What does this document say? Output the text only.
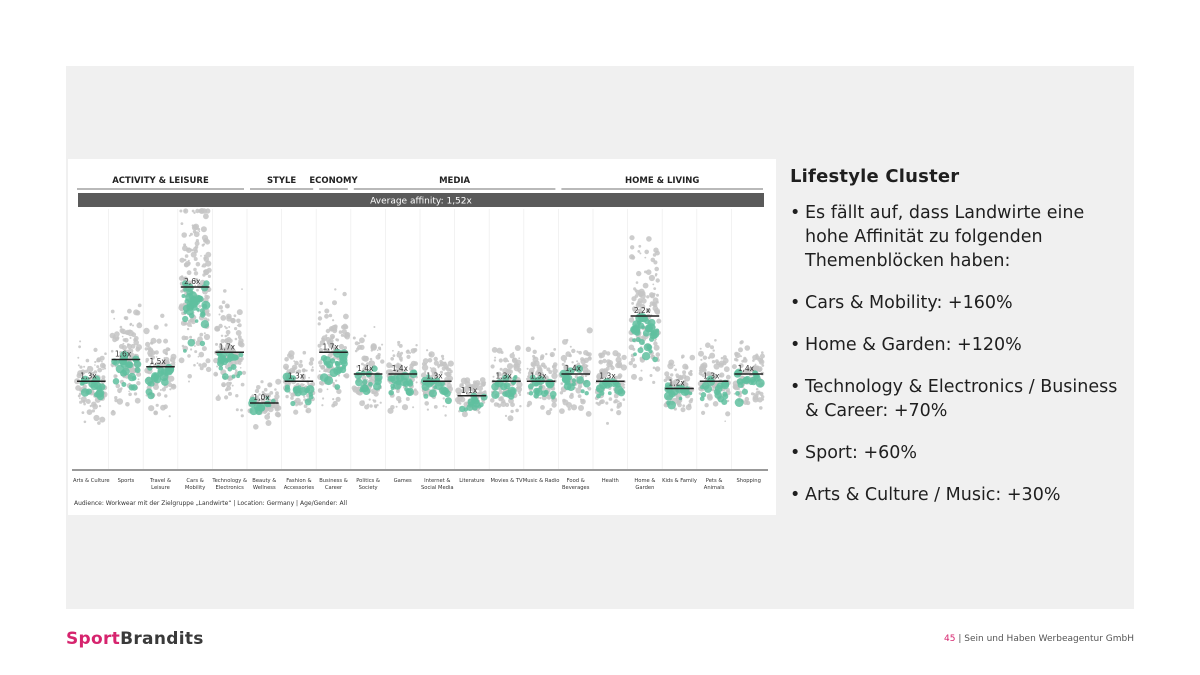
ACTIVITY & LEISURE	STYLE ECONOMY	MEDIA	HOME & LIVING
Average affinity: 1,52x
1,3x
1,6x
1,5x
2,6x
1,7x
1,0x
1,3x
1,7x
1,4x 1,4x
1,3x
1,1x
1,3x 1,3x
1,4x
1,3x
2,2x
1,2x
1,3x
1,4x
Arts & Culture Sports	Travel &
Leisure
Cars &
Mobility
Technology &
Electronics
Beauty &
Wellness
Fashion &
Accessories
Business &
Career
Politics &
Society
Games Internet &
Social Media
Literature Movies & TV Music & Radio Food &
Beverages
Health	Home &
Garden
Kids & Family Pets &
Animals
Shopping
Audience: Workwear mit der Zielgruppe „Landwirte“ | Location: Germany | Age/Gender: All
Lifestyle Cluster
• Es fällt auf, dass Landwirte eine hohe Affinität zu folgenden Themenblöcken haben:
• Cars & Mobility: +160%
• Home & Garden: +120%
• Technology & Electronics / Business & Career: +70%
• Sport: +60%
• Arts & Culture / Music: +30%
SportBrandits	45 | Sein und Haben Werbeagentur GmbH
